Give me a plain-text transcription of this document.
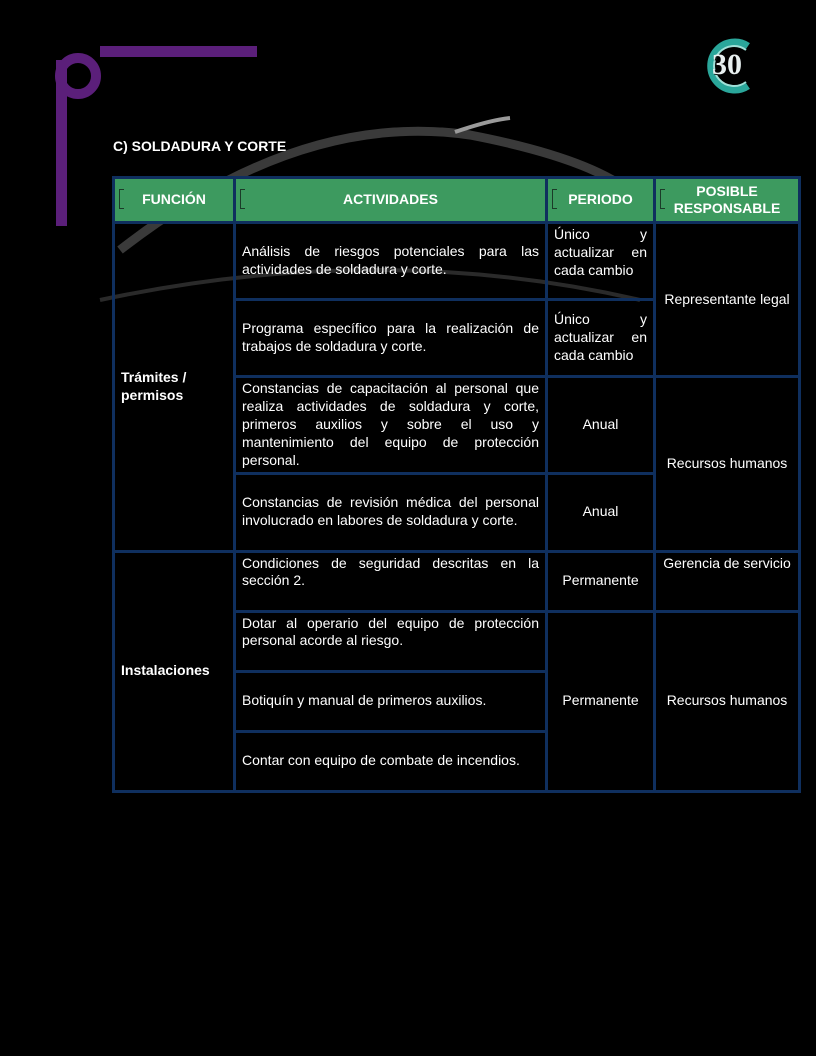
30
C) SOLDADURA Y CORTE
FUNCIÓN	ACTIVIDADES	PERIODO	POSIBLE RESPONSABLE
Trámites / permisos	Análisis de riesgos potenciales para las actividades de soldadura y corte.	Único y actualizar en cada cambio	Representante legal
	Programa específico para la realización de trabajos de soldadura y corte.	Único y actualizar en cada cambio	
	Constancias de capacitación al personal que realiza actividades de soldadura y corte, primeros auxilios y sobre el uso y mantenimiento del equipo de protección personal.	Anual	Recursos humanos
	Constancias de revisión médica del personal involucrado en labores de soldadura y corte.	Anual	
Instalaciones	Condiciones de seguridad descritas en la sección 2.	Permanente	Gerencia de servicio
	Dotar al operario del equipo de protección personal acorde al riesgo.	Permanente	Recursos humanos
	Botiquín y manual de primeros auxilios.		
	Contar con equipo de combate de incendios.		
